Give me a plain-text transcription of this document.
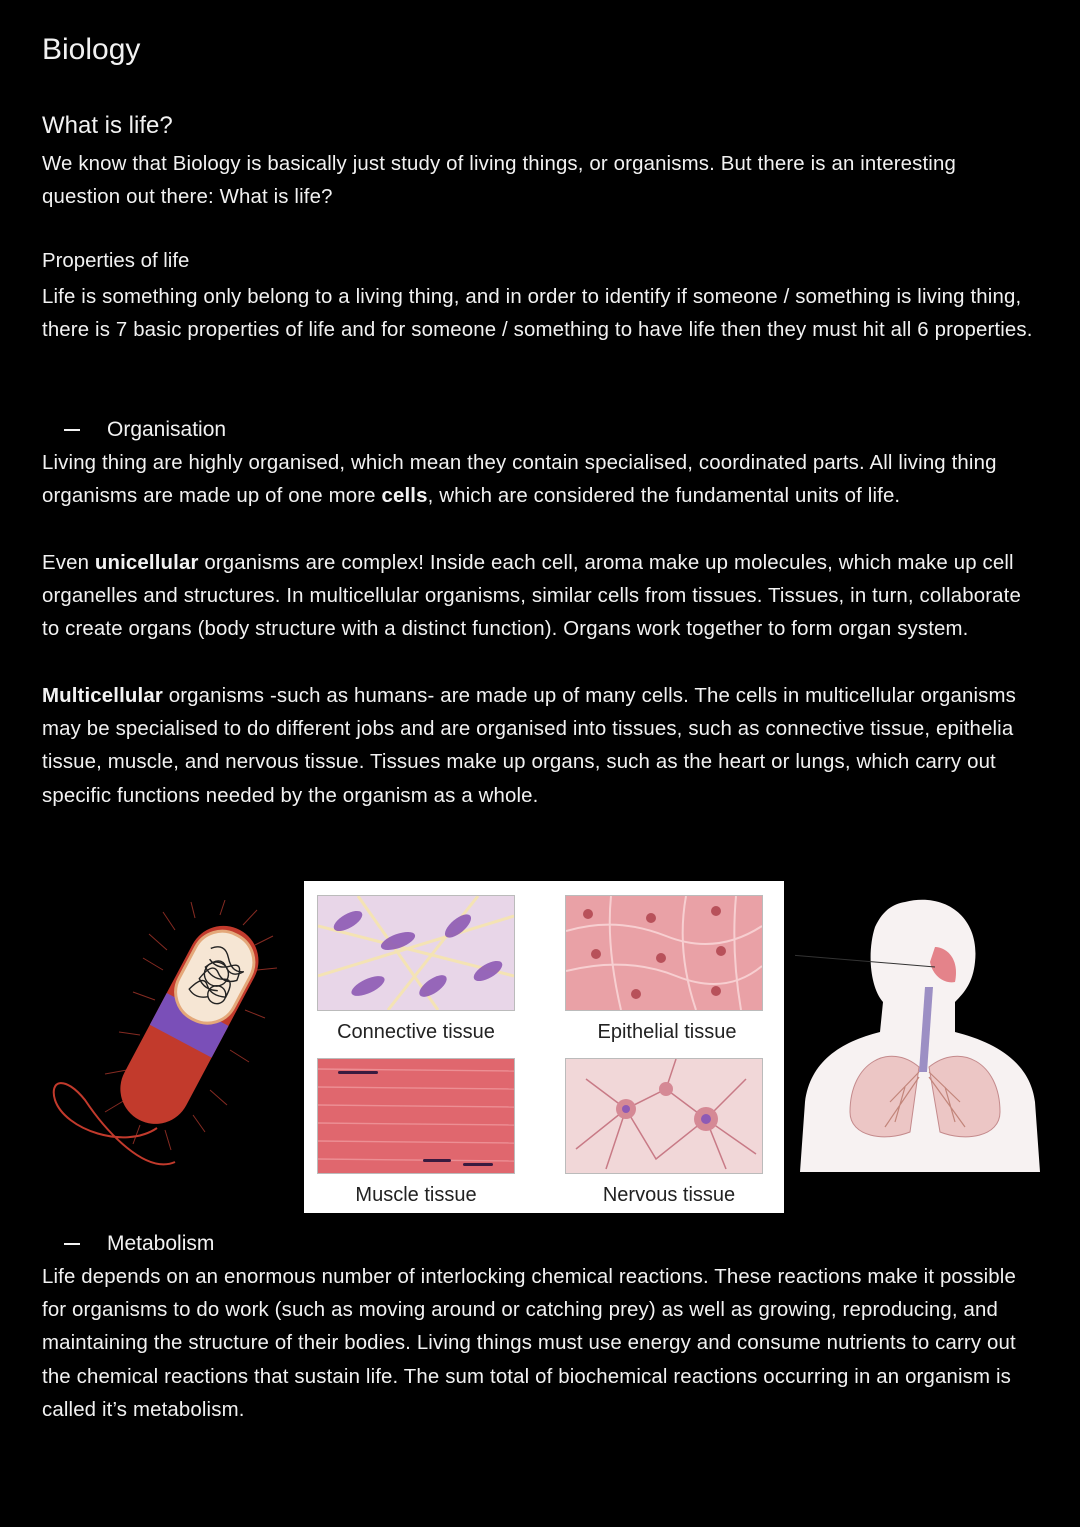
Biology
What is life?

We know that Biology is basically just study of living things, or organisms. But there is an interesting question out there: What is life?

Properties of life

Life is something only belong to a living thing, and in order to identify if someone / something is living thing, there is 7 basic properties of life and for someone / something to have life then they must hit all 6 properties.

Organisation

Living thing are highly organised, which mean they contain specialised, coordinated parts. All living thing organisms are made up of one more cells, which are considered the fundamental units of life.

Even unicellular organisms are complex! Inside each cell, aroma make up molecules, which make up cell organelles and structures. In multicellular organisms, similar cells from tissues. Tissues, in turn, collaborate to create organs (body structure with a distinct function). Organs work together to form organ system.

Multicellular organisms -such as humans- are made up of many cells. The cells in multicellular organisms may be specialised to do different jobs and are organised into tissues, such as connective tissue, epithelia tissue, muscle, and nervous tissue. Tissues make up organs, such as the heart or lungs, which carry out specific functions needed by the organism as a whole.

Metabolism

Life depends on an enormous number of interlocking chemical reactions. These reactions make it possible for organisms to do work (such as moving around or catching prey) as well as growing, reproducing, and maintaining the structure of their bodies. Living things must use energy and consume nutrients to carry out the chemical reactions that sustain life. The sum total of biochemical reactions occurring in an organism is called it’s metabolism.

Connective tissue	Epithelial tissue
Muscle tissue	Nervous tissue
